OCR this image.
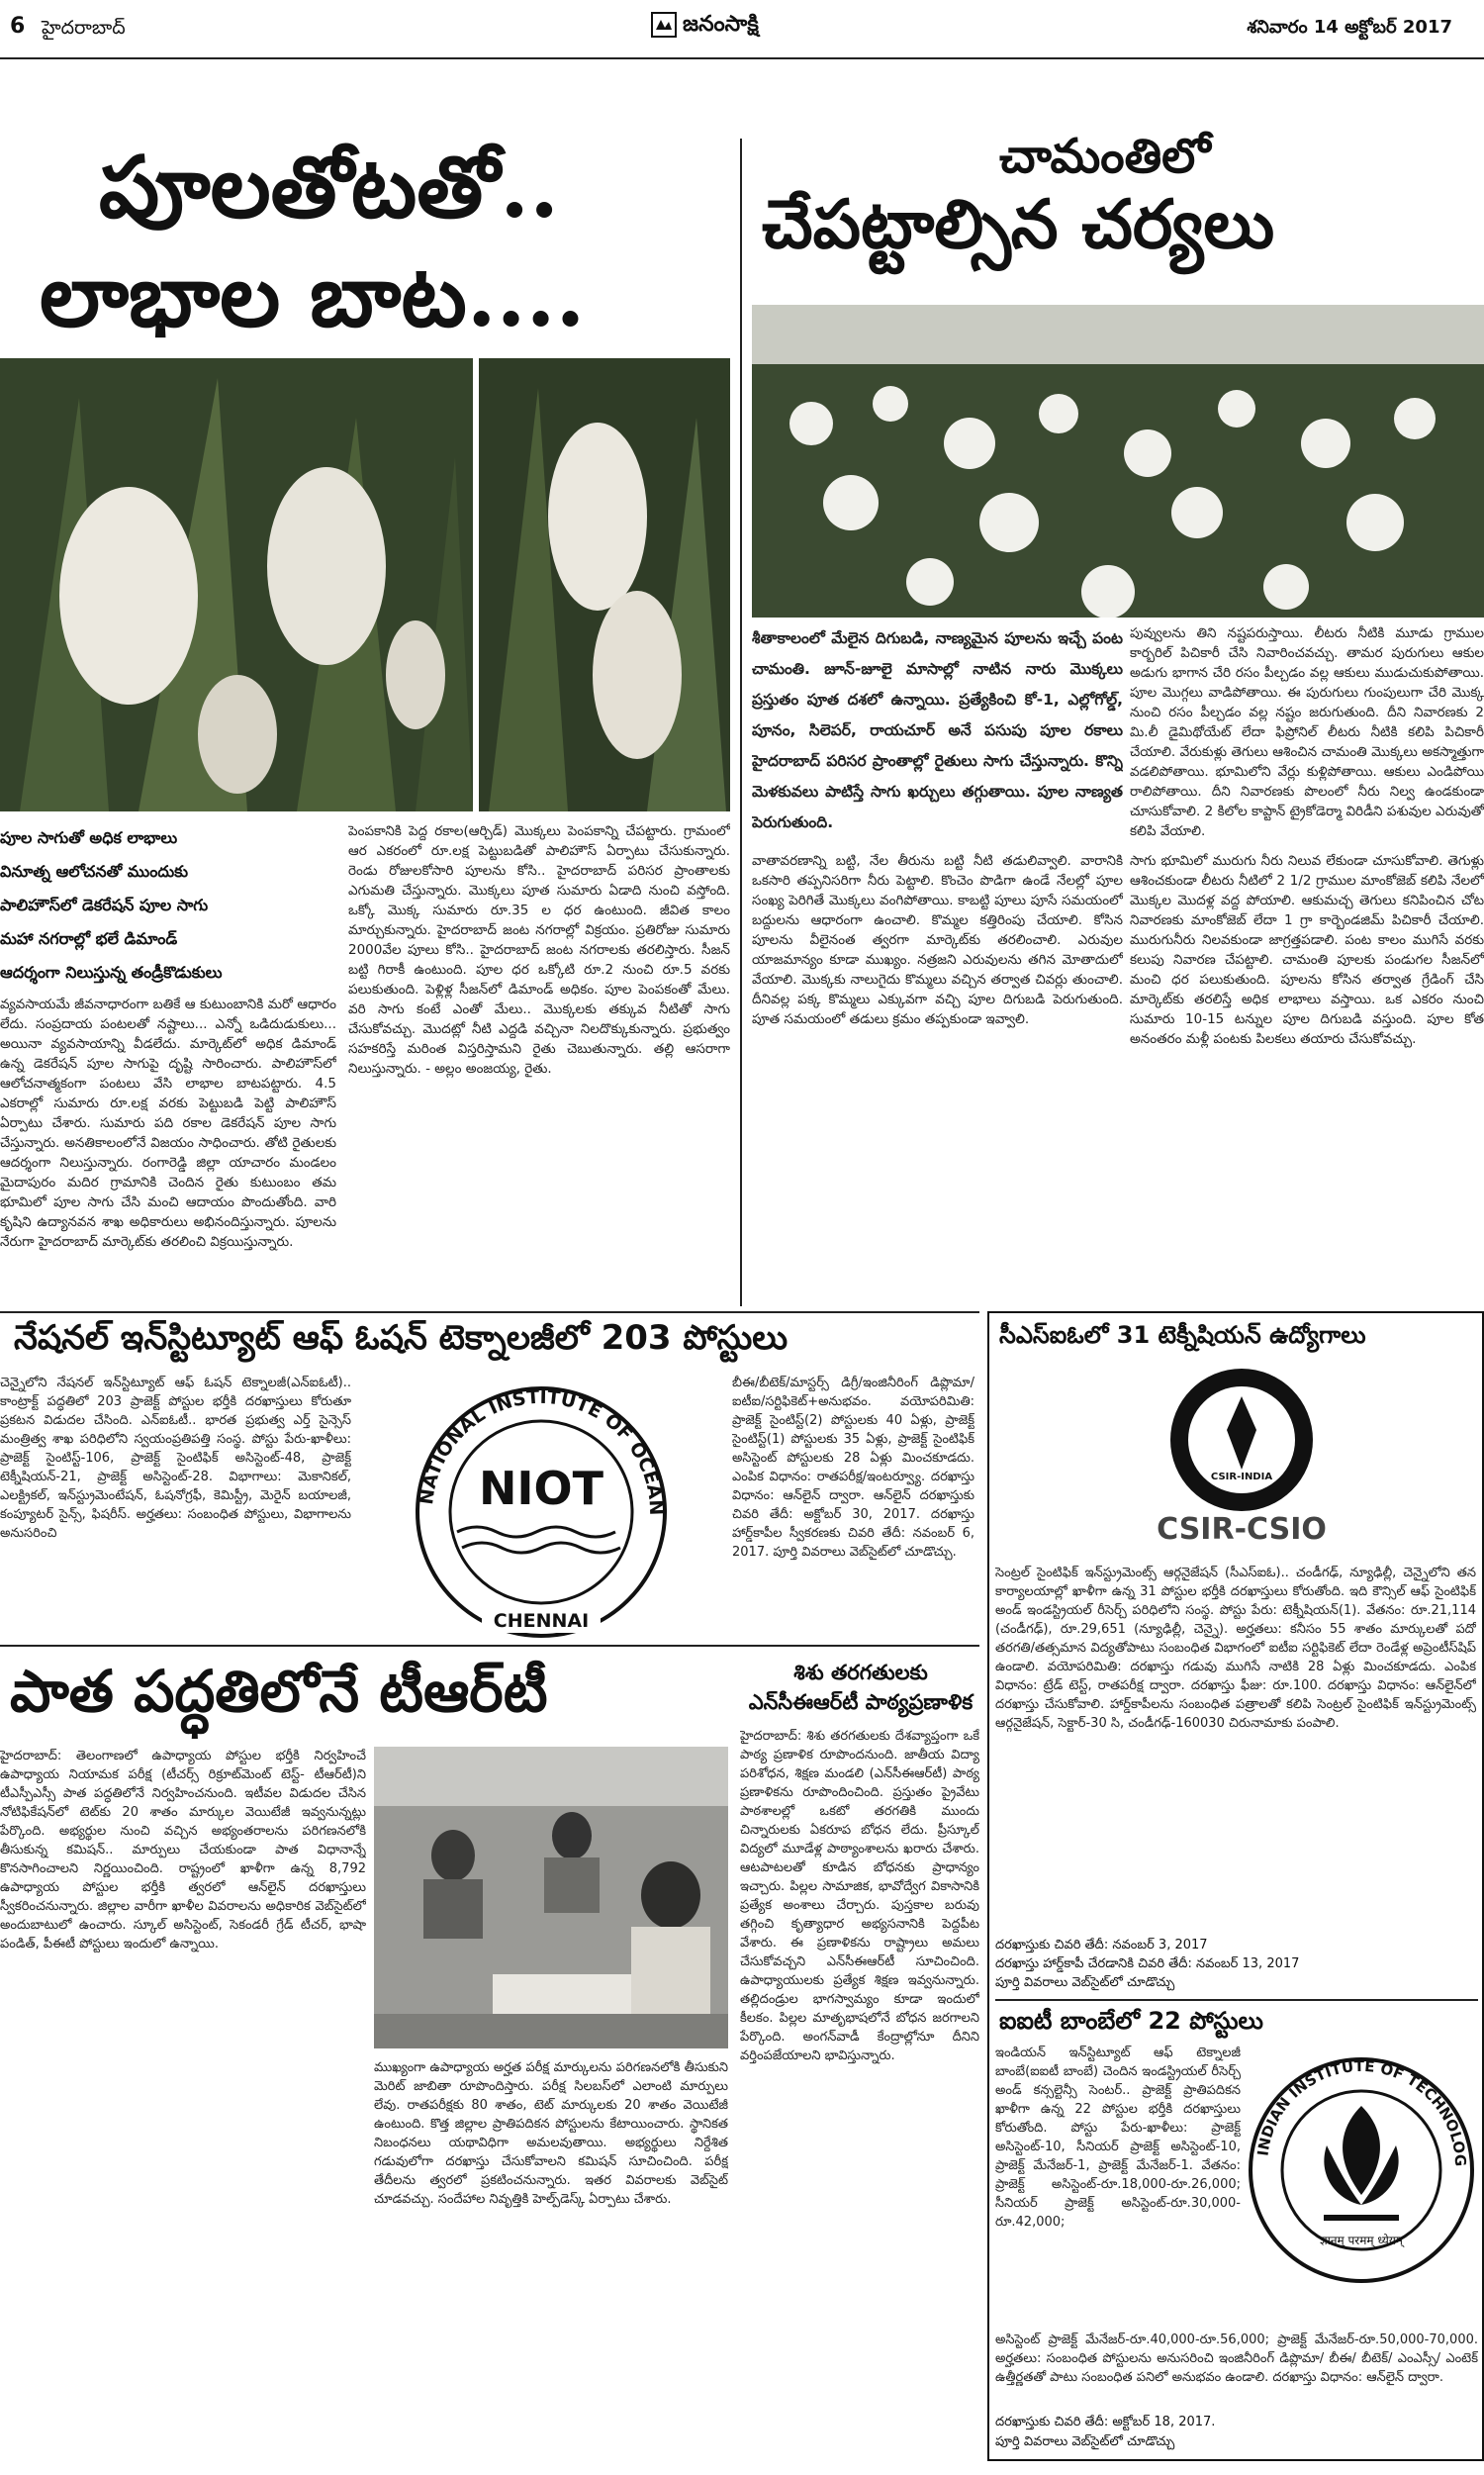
6 హైదరాబాద్	జనంసాక్షి	శనివారం 14 అక్టోబర్ 2017
పూలతోటతో..
లాభాల బాట....
పూల సాగుతో అధిక లాభాలు
వినూత్న ఆలోచనతో ముందుకు
పాలిహౌస్‌లో డెకరేషన్ పూల సాగు
మహా నగరాల్లో భలే డిమాండ్
ఆదర్శంగా నిలుస్తున్న తండ్రీకొడుకులు
వ్యవసాయమే జీవనాధారంగా బతికే ఆ కుటుంబానికి మరో ఆధారం లేదు. సంప్రదాయ పంటలతో నష్టాలు... ఎన్నో ఒడిదుడుకులు... అయినా వ్యవసాయాన్ని వీడలేదు. మార్కెట్‌లో అధిక డిమాండ్ ఉన్న డెకరేషన్ పూల సాగుపై దృష్టి సారించారు. పాలిహౌస్‌లో ఆలోచనాత్మకంగా పంటలు వేసి లాభాల బాటపట్టారు. 4.5 ఎకరాల్లో సుమారు రూ.లక్ష వరకు పెట్టుబడి పెట్టి పాలిహౌస్ ఏర్పాటు చేశారు. సుమారు పది రకాల డెకరేషన్ పూల సాగు చేస్తున్నారు. అనతికాలంలోనే విజయం సాధించారు. తోటి రైతులకు ఆదర్శంగా నిలుస్తున్నారు. రంగారెడ్డి జిల్లా యాచారం మండలం మైదాపురం మదిర గ్రామానికి చెందిన రైతు కుటుంబం తమ భూమిలో పూల సాగు చేసి మంచి ఆదాయం పొందుతోంది. వారి కృషిని ఉద్యానవన శాఖ అధికారులు అభినందిస్తున్నారు. పూలను నేరుగా హైదరాబాద్ మార్కెట్‌కు తరలించి విక్రయిస్తున్నారు.
పెంపకానికి పెద్ద రకాల(ఆర్చిడ్) మొక్కలు పెంపకాన్ని చేపట్టారు. గ్రామంలో ఆర ఎకరంలో రూ.లక్ష పెట్టుబడితో పాలిహౌస్ ఏర్పాటు చేసుకున్నారు. రెండు రోజులకోసారి పూలను కోసి.. హైదరాబాద్ పరిసర ప్రాంతాలకు ఎగుమతి చేస్తున్నారు. మొక్కలు పూత సుమారు ఏడాది నుంచి వస్తోంది. ఒక్కో మొక్క సుమారు రూ.35 ల ధర ఉంటుంది. జీవిత కాలం మార్చుకున్నారు. హైదరాబాద్ జంట నగరాల్లో విక్రయం. ప్రతిరోజు సుమారు 2000వేల పూలు కోసి.. హైదరాబాద్ జంట నగరాలకు తరలిస్తారు. సీజన్ బట్టి గిరాకీ ఉంటుంది. పూల ధర ఒక్కోటి రూ.2 నుంచి రూ.5 వరకు పలుకుతుంది. పెళ్లిళ్ల సీజన్‌లో డిమాండ్ అధికం. పూల పెంపకంతో మేలు. వరి సాగు కంటే ఎంతో మేలు.. మొక్కలకు తక్కువ నీటితో సాగు చేసుకోవచ్చు. మొదట్లో నీటి ఎద్దడి వచ్చినా నిలదొక్కుకున్నారు. ప్రభుత్వం సహకరిస్తే మరింత విస్తరిస్తామని రైతు చెబుతున్నారు. తల్లి ఆసరాగా నిలుస్తున్నారు. - అల్లం అంజయ్య, రైతు.
చామంతిలో
చేపట్టాల్సిన చర్యలు
శీతాకాలంలో మేలైన దిగుబడి, నాణ్యమైన పూలను ఇచ్చే పంట చామంతి. జూన్-జూలై మాసాల్లో నాటిన నారు మొక్కలు ప్రస్తుతం పూత దశలో ఉన్నాయి. ప్రత్యేకించి కో-1, ఎల్లోగోల్డ్, పూనం, సిలెపర్, రాయచూర్ అనే పసుపు పూల రకాలు హైదరాబాద్ పరిసర ప్రాంతాల్లో రైతులు సాగు చేస్తున్నారు. కొన్ని మెళకువలు పాటిస్తే సాగు ఖర్చులు తగ్గుతాయి. పూల నాణ్యత పెరుగుతుంది.
పువ్వులను తిని నష్టపరుస్తాయి. లీటరు నీటికి మూడు గ్రాముల కార్బరిల్ పిచికారీ చేసి నివారించవచ్చు. తామర పురుగులు ఆకుల అడుగు భాగాన చేరి రసం పీల్చడం వల్ల ఆకులు ముడుచుకుపోతాయి. పూల మొగ్గలు వాడిపోతాయి. ఈ పురుగులు గుంపులుగా చేరి మొక్క నుంచి రసం పీల్చడం వల్ల నష్టం జరుగుతుంది. దీని నివారణకు 2 మి.లీ డైమిథోయేట్ లేదా ఫిప్రోనిల్ లీటరు నీటికి కలిపి పిచికారీ చేయాలి. వేరుకుళ్లు తెగులు ఆశించిన చామంతి మొక్కలు అకస్మాత్తుగా వడలిపోతాయి. భూమిలోని వేర్లు కుళ్లిపోతాయి. ఆకులు ఎండిపోయి రాలిపోతాయి. దీని నివారణకు పొలంలో నీరు నిల్వ ఉండకుండా చూసుకోవాలి. 2 కిలోల కాప్టాన్ ట్రైకోడెర్మా విరిడీని పశువుల ఎరువుతో కలిపి వేయాలి.
వాతావరణాన్ని బట్టి, నేల తీరును బట్టి నీటి తడులివ్వాలి. వారానికి ఒకసారి తప్పనిసరిగా నీరు పెట్టాలి. కొంచెం పొడిగా ఉండే నేలల్లో పూల సంఖ్య పెరిగితే మొక్కలు వంగిపోతాయి. కాబట్టి పూలు పూసే సమయంలో బద్దులను ఆధారంగా ఉంచాలి. కొమ్మల కత్తిరింపు చేయాలి. కోసిన పూలను వీలైనంత త్వరగా మార్కెట్‌కు తరలించాలి. ఎరువుల యాజమాన్యం కూడా ముఖ్యం. నత్రజని ఎరువులను తగిన మోతాదులో వేయాలి. మొక్కకు నాలుగైదు కొమ్మలు వచ్చిన తర్వాత చివర్లు తుంచాలి. దీనివల్ల పక్క కొమ్మలు ఎక్కువగా వచ్చి పూల దిగుబడి పెరుగుతుంది. పూత సమయంలో తడులు క్రమం తప్పకుండా ఇవ్వాలి.
సాగు భూమిలో మురుగు నీరు నిలువ లేకుండా చూసుకోవాలి. తెగుళ్లు ఆశించకుండా లీటరు నీటిలో 2 1/2 గ్రాముల మాంకోజెబ్ కలిపి నేలలో మొక్కల మొదళ్ల వద్ద పోయాలి. ఆకుమచ్చ తెగులు కనిపించిన చోట నివారణకు మాంకోజెబ్ లేదా 1 గ్రా కార్బెండజిమ్ పిచికారీ చేయాలి. మురుగునీరు నిలవకుండా జాగ్రత్తపడాలి. పంట కాలం ముగిసే వరకు కలుపు నివారణ చేపట్టాలి. చామంతి పూలకు పండుగల సీజన్‌లో మంచి ధర పలుకుతుంది. పూలను కోసిన తర్వాత గ్రేడింగ్ చేసి మార్కెట్‌కు తరలిస్తే అధిక లాభాలు వస్తాయి. ఒక ఎకరం నుంచి సుమారు 10-15 టన్నుల పూల దిగుబడి వస్తుంది. పూల కోత అనంతరం మళ్లీ పంటకు పిలకలు తయారు చేసుకోవచ్చు.
నేషనల్ ఇన్‌స్టిట్యూట్ ఆఫ్ ఓషన్ టెక్నాలజీలో 203 పోస్టులు
చెన్నైలోని నేషనల్ ఇన్‌స్టిట్యూట్ ఆఫ్ ఓషన్ టెక్నాలజీ(ఎన్ఐఓటీ).. కాంట్రాక్ట్ పద్ధతిలో 203 ప్రాజెక్ట్ పోస్టుల భర్తీకి దరఖాస్తులు కోరుతూ ప్రకటన విడుదల చేసింది. ఎన్ఐఓటీ.. భారత ప్రభుత్వ ఎర్త్ సైన్సెస్ మంత్రిత్వ శాఖ పరిధిలోని స్వయంప్రతిపత్తి సంస్థ. పోస్టు పేరు-ఖాళీలు: ప్రాజెక్ట్ సైంటిస్ట్-106, ప్రాజెక్ట్ సైంటిఫిక్ అసిస్టెంట్-48, ప్రాజెక్ట్ టెక్నీషియన్-21, ప్రాజెక్ట్ అసిస్టెంట్-28. విభాగాలు: మెకానికల్, ఎలక్ట్రికల్, ఇన్‌స్ట్రుమెంటేషన్, ఓషనోగ్రఫీ, కెమిస్ట్రీ, మెరైన్ బయాలజీ, కంప్యూటర్ సైన్స్, ఫిషరీస్. అర్హతలు: సంబంధిత పోస్టులు, విభాగాలను అనుసరించి
NATIONAL INSTITUTE OF OCEAN
NIOT
CHENNAI
బీఈ/బీటెక్/మాస్టర్స్ డిగ్రీ/ఇంజినీరింగ్ డిప్లొమా/ఐటీఐ/సర్టిఫికెట్+అనుభవం. వయోపరిమితి: ప్రాజెక్ట్ సైంటిస్ట్(2) పోస్టులకు 40 ఏళ్లు, ప్రాజెక్ట్ సైంటిస్ట్(1) పోస్టులకు 35 ఏళ్లు, ప్రాజెక్ట్ సైంటిఫిక్ అసిస్టెంట్ పోస్టులకు 28 ఏళ్లు మించకూడదు. ఎంపిక విధానం: రాతపరీక్ష/ఇంటర్వ్యూ. దరఖాస్తు విధానం: ఆన్‌లైన్ ద్వారా. ఆన్‌లైన్ దరఖాస్తుకు చివరి తేదీ: అక్టోబర్ 30, 2017. దరఖాస్తు హార్డ్‌కాపీల స్వీకరణకు చివరి తేదీ: నవంబర్ 6, 2017. పూర్తి వివరాలు వెబ్‌సైట్‌లో చూడొచ్చు.
సీఎస్ఐఓలో 31 టెక్నీషియన్ ఉద్యోగాలు
CSIR-INDIA
CSIR-CSIO
సెంట్రల్ సైంటిఫిక్ ఇన్‌స్ట్రుమెంట్స్ ఆర్గనైజేషన్ (సీఎస్ఐఓ).. చండీగఢ్, న్యూఢిల్లీ, చెన్నైలోని తన కార్యాలయాల్లో ఖాళీగా ఉన్న 31 పోస్టుల భర్తీకి దరఖాస్తులు కోరుతోంది. ఇది కౌన్సిల్ ఆఫ్ సైంటిఫిక్ అండ్ ఇండస్ట్రియల్ రీసెర్చ్ పరిధిలోని సంస్థ. పోస్టు పేరు: టెక్నీషియన్(1). వేతనం: రూ.21,114 (చండీగఢ్), రూ.29,651 (న్యూఢిల్లీ, చెన్నై). అర్హతలు: కనీసం 55 శాతం మార్కులతో పదో తరగతి/తత్సమాన విద్యతోపాటు సంబంధిత విభాగంలో ఐటీఐ సర్టిఫికెట్ లేదా రెండేళ్ల అప్రెంటీస్‌షిప్ ఉండాలి. వయోపరిమితి: దరఖాస్తు గడువు ముగిసే నాటికి 28 ఏళ్లు మించకూడదు. ఎంపిక విధానం: ట్రేడ్ టెస్ట్, రాతపరీక్ష ద్వారా. దరఖాస్తు ఫీజు: రూ.100. దరఖాస్తు విధానం: ఆన్‌లైన్‌లో దరఖాస్తు చేసుకోవాలి. హార్డ్‌కాపీలను సంబంధిత పత్రాలతో కలిపి సెంట్రల్ సైంటిఫిక్ ఇన్‌స్ట్రుమెంట్స్ ఆర్గనైజేషన్, సెక్టార్-30 సి, చండీగఢ్-160030 చిరునామాకు పంపాలి.
దరఖాస్తుకు చివరి తేదీ: నవంబర్ 3, 2017
దరఖాస్తు హార్డ్‌కాపీ చేరడానికి చివరి తేదీ: నవంబర్ 13, 2017
పూర్తి వివరాలు వెబ్‌సైట్‌లో చూడొచ్చు
పాత పద్ధతిలోనే టీఆర్‌టీ
హైదరాబాద్: తెలంగాణలో ఉపాధ్యాయ పోస్టుల భర్తీకి నిర్వహించే ఉపాధ్యాయ నియామక పరీక్ష (టీచర్స్ రిక్రూట్‌మెంట్ టెస్ట్- టీఆర్‌టీ)ని టీఎస్పీఎస్సీ పాత పద్ధతిలోనే నిర్వహించనుంది. ఇటీవల విడుదల చేసిన నోటిఫికేషన్‌లో టెట్‌కు 20 శాతం మార్కుల వెయిటేజీ ఇవ్వనున్నట్లు పేర్కొంది. అభ్యర్థుల నుంచి వచ్చిన అభ్యంతరాలను పరిగణనలోకి తీసుకున్న కమిషన్.. మార్పులు చేయకుండా పాత విధానాన్నే కొనసాగించాలని నిర్ణయించింది. రాష్ట్రంలో ఖాళీగా ఉన్న 8,792 ఉపాధ్యాయ పోస్టుల భర్తీకి త్వరలో ఆన్‌లైన్ దరఖాస్తులు స్వీకరించనున్నారు. జిల్లాల వారీగా ఖాళీల వివరాలను అధికారిక వెబ్‌సైట్‌లో అందుబాటులో ఉంచారు. స్కూల్ అసిస్టెంట్, సెకండరీ గ్రేడ్ టీచర్, భాషా పండిత్, పీఈటీ పోస్టులు ఇందులో ఉన్నాయి.
ముఖ్యంగా ఉపాధ్యాయ అర్హత పరీక్ష మార్కులను పరిగణనలోకి తీసుకుని మెరిట్ జాబితా రూపొందిస్తారు. పరీక్ష సిలబస్‌లో ఎలాంటి మార్పులు లేవు. రాతపరీక్షకు 80 శాతం, టెట్ మార్కులకు 20 శాతం వెయిటేజీ ఉంటుంది. కొత్త జిల్లాల ప్రాతిపదికన పోస్టులను కేటాయించారు. స్థానికత నిబంధనలు యథావిధిగా అమలవుతాయి. అభ్యర్థులు నిర్దేశిత గడువులోగా దరఖాస్తు చేసుకోవాలని కమిషన్ సూచించింది. పరీక్ష తేదీలను త్వరలో ప్రకటించనున్నారు. ఇతర వివరాలకు వెబ్‌సైట్ చూడవచ్చు. సందేహాల నివృత్తికి హెల్ప్‌డెస్క్ ఏర్పాటు చేశారు.
శిశు తరగతులకు
ఎన్‌సీఈఆర్‌టీ పాఠ్యప్రణాళిక
హైదరాబాద్: శిశు తరగతులకు దేశవ్యాప్తంగా ఒకే పాఠ్య ప్రణాళిక రూపొందనుంది. జాతీయ విద్యా పరిశోధన, శిక్షణ మండలి (ఎన్‌సీఈఆర్‌టీ) పాఠ్య ప్రణాళికను రూపొందించింది. ప్రస్తుతం ప్రైవేటు పాఠశాలల్లో ఒకటో తరగతికి ముందు చిన్నారులకు ఏకరూప బోధన లేదు. ప్రీస్కూల్ విద్యలో మూడేళ్ల పాఠ్యాంశాలను ఖరారు చేశారు. ఆటపాటలతో కూడిన బోధనకు ప్రాధాన్యం ఇచ్చారు. పిల్లల సామాజిక, భావోద్వేగ వికాసానికి ప్రత్యేక అంశాలు చేర్చారు. పుస్తకాల బరువు తగ్గించి కృత్యాధార అభ్యసనానికి పెద్దపీట వేశారు. ఈ ప్రణాళికను రాష్ట్రాలు అమలు చేసుకోవచ్చని ఎన్‌సీఈఆర్‌టీ సూచించింది. ఉపాధ్యాయులకు ప్రత్యేక శిక్షణ ఇవ్వనున్నారు. తల్లిదండ్రుల భాగస్వామ్యం కూడా ఇందులో కీలకం. పిల్లల మాతృభాషలోనే బోధన జరగాలని పేర్కొంది. అంగన్‌వాడీ కేంద్రాల్లోనూ దీనిని వర్తింపజేయాలని భావిస్తున్నారు.
ఐఐటీ బాంబేలో 22 పోస్టులు
ఇండియన్ ఇన్‌స్టిట్యూట్ ఆఫ్ టెక్నాలజీ బాంబే(ఐఐటీ బాంబే) చెందిన ఇండస్ట్రియల్ రీసెర్చ్ అండ్ కన్సల్టెన్సీ సెంటర్.. ప్రాజెక్ట్ ప్రాతిపదికన ఖాళీగా ఉన్న 22 పోస్టుల భర్తీకి దరఖాస్తులు కోరుతోంది. పోస్టు పేరు-ఖాళీలు: ప్రాజెక్ట్ అసిస్టెంట్-10, సీనియర్ ప్రాజెక్ట్ అసిస్టెంట్-10, ప్రాజెక్ట్ మేనేజర్-1, ప్రాజెక్ట్ మేనేజర్-1. వేతనం: ప్రాజెక్ట్ అసిస్టెంట్-రూ.18,000-రూ.26,000; సీనియర్ ప్రాజెక్ట్ అసిస్టెంట్-రూ.30,000-రూ.42,000;
INDIAN INSTITUTE OF TECHNOLOG
ज्ञानम् परमम् ध्येयम्
అసిస్టెంట్ ప్రాజెక్ట్ మేనేజర్-రూ.40,000-రూ.56,000; ప్రాజెక్ట్ మేనేజర్-రూ.50,000-70,000. అర్హతలు: సంబంధిత పోస్టులను అనుసరించి ఇంజినీరింగ్ డిప్లొమా/ బీఈ/ బీటెక్/ ఎంఎస్సీ/ ఎంటెక్ ఉత్తీర్ణతతో పాటు సంబంధిత పనిలో అనుభవం ఉండాలి. దరఖాస్తు విధానం: ఆన్‌లైన్ ద్వారా.
దరఖాస్తుకు చివరి తేదీ: అక్టోబర్ 18, 2017.
పూర్తి వివరాలు వెబ్‌సైట్‌లో చూడొచ్చు
